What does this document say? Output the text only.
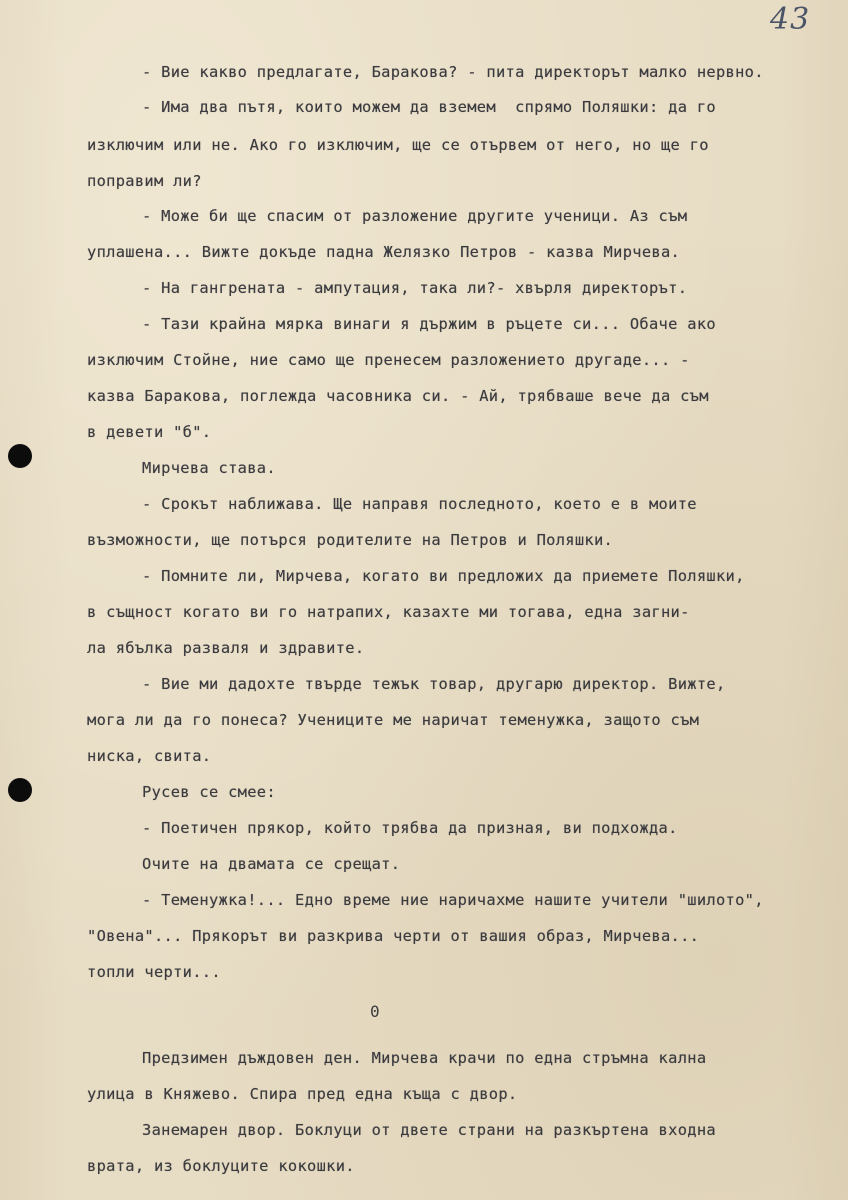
43
- Вие какво предлагате, Баракова? - пита директорът малко нервно.
- Има два пътя, които можем да вземем  спрямо Поляшки: да го
изключим или не. Ако го изключим, ще се отървем от него, но ще го
поправим ли?
- Може би ще спасим от разложение другите ученици. Аз съм
уплашена... Вижте докъде падна Желязко Петров - казва Мирчева.
- На гангрената - ампутация, така ли?- хвърля директорът.
- Тази крайна мярка винаги я държим в ръцете си... Обаче ако
изключим Стойне, ние само ще пренесем разложението другаде... -
казва Баракова, поглежда часовника си. - Ай, трябваше вече да съм
в девети "б".
Мирчева става.
- Срокът наближава. Ще направя последното, което е в моите
възможности, ще потърся родителите на Петров и Поляшки.
- Помните ли, Мирчева, когато ви предложих да приемете Поляшки,
в същност когато ви го натрапих, казахте ми тогава, една загни-
ла ябълка разваля и здравите.
- Вие ми дадохте твърде тежък товар, другарю директор. Вижте,
мога ли да го понеса? Учениците ме наричат теменужка, защото съм
ниска, свита.
Русев се смее:
- Поетичен прякор, който трябва да призная, ви подхожда.
Очите на двамата се срещат.
- Теменужка!... Едно време ние наричахме нашите учители "шилото",
"Овена"... Прякорът ви разкрива черти от вашия образ, Мирчева...
топли черти...
0
Предзимен дъждовен ден. Мирчева крачи по една стръмна кална
улица в Княжево. Спира пред една къща с двор.
Занемарен двор. Боклуци от двете страни на разкъртена входна
врата, из боклуците кокошки.
